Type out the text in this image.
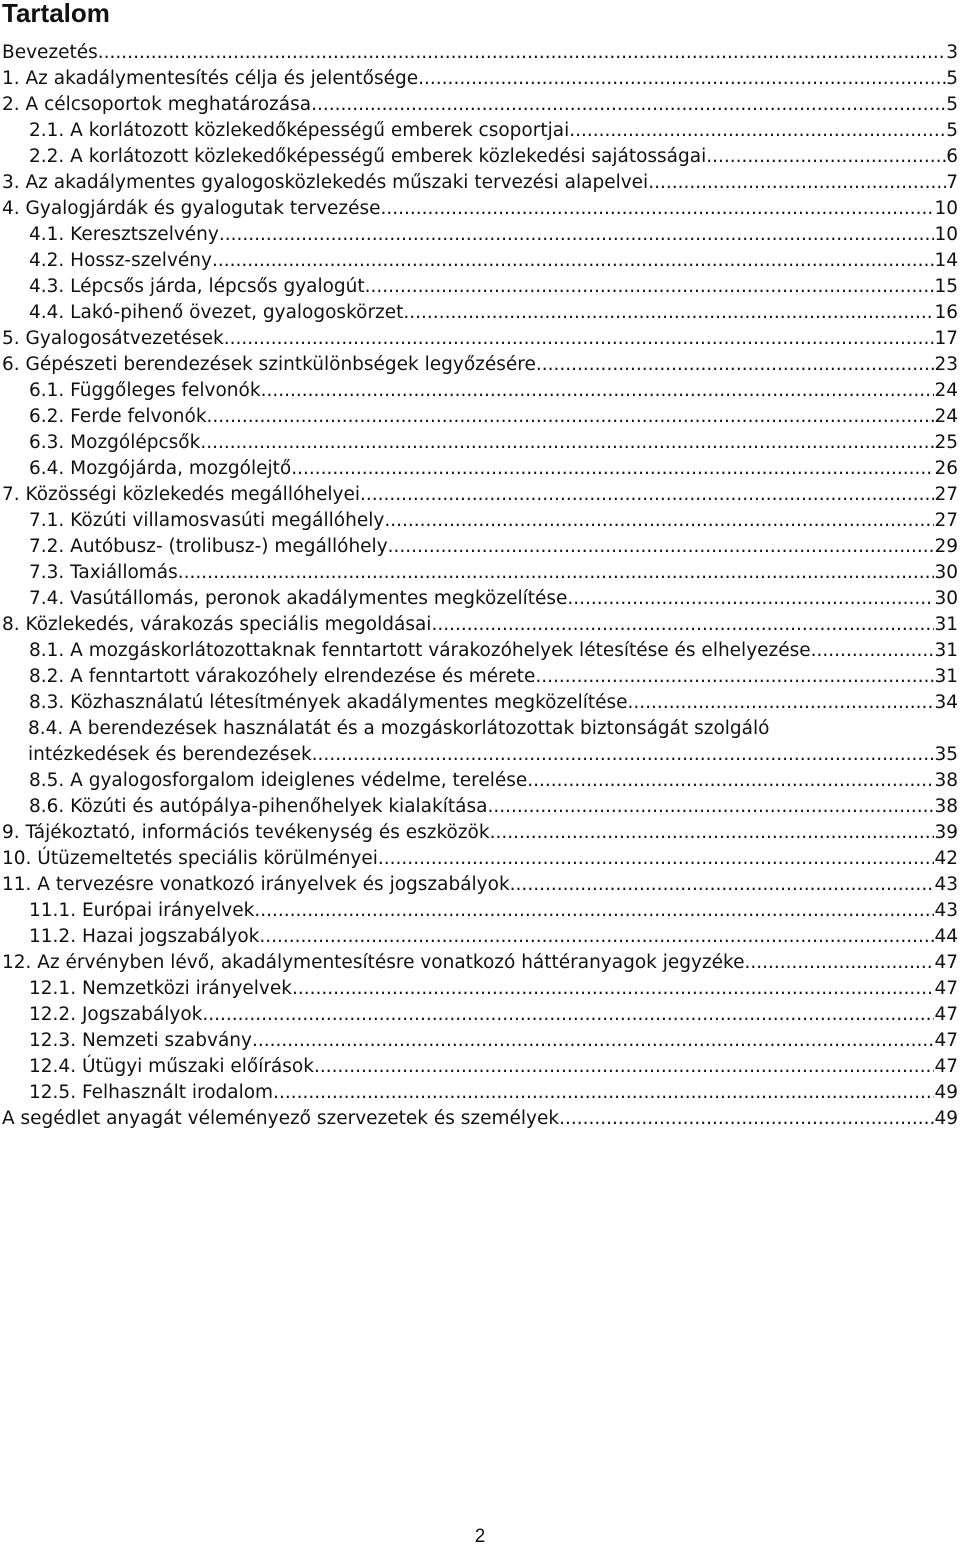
Tartalom
Bevezetés .....	3
1. Az akadálymentesítés célja és jelentősége .....	5
2. A célcsoportok meghatározása .....	5
2.1. A korlátozott közlekedőképességű emberek csoportjai .....	5
2.2. A korlátozott közlekedőképességű emberek közlekedési sajátosságai .....	6
3. Az akadálymentes gyalogosközlekedés műszaki tervezési alapelvei .....	7
4. Gyalogjárdák és gyalogutak tervezése .....	10
4.1. Keresztszelvény .....	10
4.2. Hossz-szelvény .....	14
4.3. Lépcsős járda, lépcsős gyalogút .....	15
4.4. Lakó-pihenő övezet, gyalogoskörzet .....	16
5. Gyalogosátvezetések .....	17
6. Gépészeti berendezések szintkülönbségek legyőzésére .....	23
6.1. Függőleges felvonók .....	24
6.2. Ferde felvonók .....	24
6.3. Mozgólépcsők .....	25
6.4. Mozgójárda, mozgólejtő .....	26
7. Közösségi közlekedés megállóhelyei .....	27
7.1. Közúti villamosvasúti megállóhely .....	27
7.2. Autóbusz- (trolibusz-) megállóhely .....	29
7.3. Taxiállomás .....	30
7.4. Vasútállomás, peronok akadálymentes megközelítése .....	30
8. Közlekedés, várakozás speciális megoldásai .....	31
8.1. A mozgáskorlátozottaknak fenntartott várakozóhelyek létesítése és elhelyezése .....	31
8.2. A fenntartott várakozóhely elrendezése és mérete .....	31
8.3. Közhasználatú létesítmények akadálymentes megközelítése .....	34
8.4. A berendezések használatát és a mozgáskorlátozottak biztonságát szolgáló
intézkedések és berendezések .....	35
8.5. A gyalogosforgalom ideiglenes védelme, terelése .....	38
8.6. Közúti és autópálya-pihenőhelyek kialakítása .....	38
9. Tájékoztató, információs tevékenység és eszközök .....	39
10. Útüzemeltetés speciális körülményei .....	42
11. A tervezésre vonatkozó irányelvek és jogszabályok .....	43
11.1. Európai irányelvek .....	43
11.2. Hazai jogszabályok .....	44
12. Az érvényben lévő, akadálymentesítésre vonatkozó háttéranyagok jegyzéke .....	47
12.1. Nemzetközi irányelvek .....	47
12.2. Jogszabályok .....	47
12.3. Nemzeti szabvány .....	47
12.4. Útügyi műszaki előírások .....	47
12.5. Felhasznált irodalom .....	49
A segédlet anyagát véleményező szervezetek és személyek .....	49
2
